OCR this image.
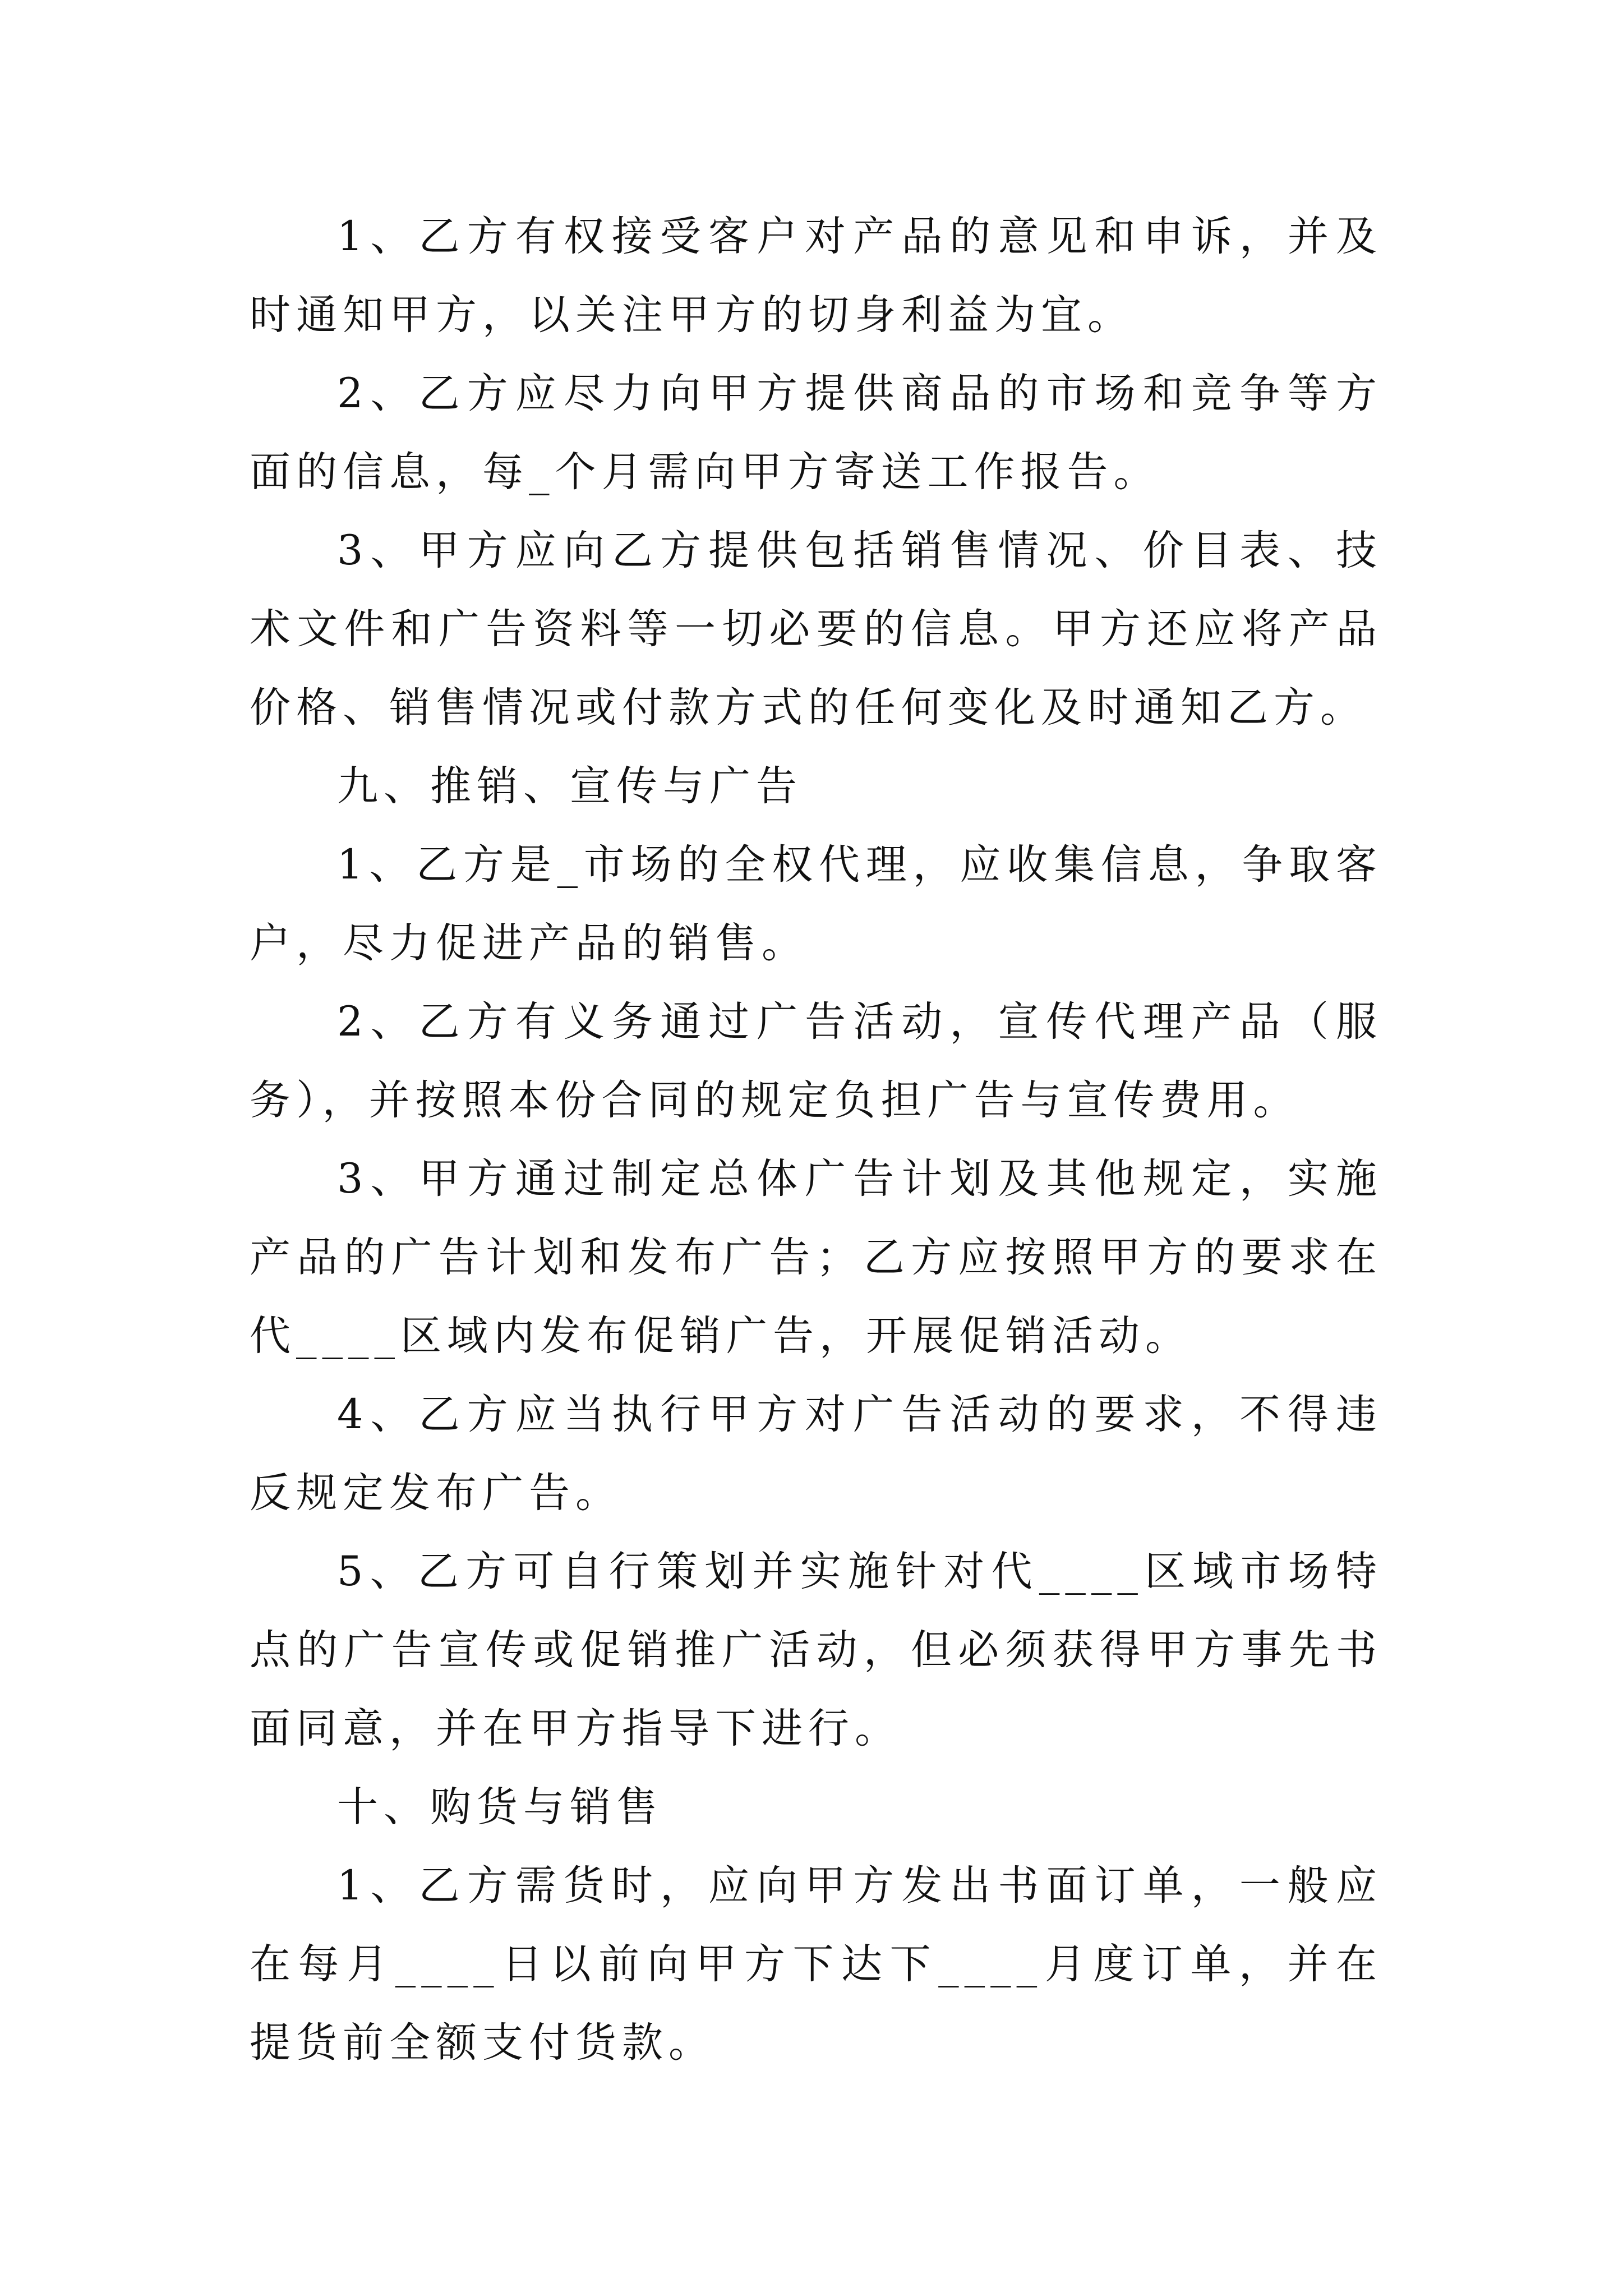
1、乙方有权接受客户对产品的意见和申诉，并及时通知甲方，以关注甲方的切身利益为宜。

2、乙方应尽力向甲方提供商品的市场和竞争等方面的信息，每_个月需向甲方寄送工作报告。

3、甲方应向乙方提供包括销售情况、价目表、技术文件和广告资料等一切必要的信息。甲方还应将产品价格、销售情况或付款方式的任何变化及时通知乙方。

九、推销、宣传与广告

1、乙方是_市场的全权代理，应收集信息，争取客户，尽力促进产品的销售。

2、乙方有义务通过广告活动，宣传代理产品（服务），并按照本份合同的规定负担广告与宣传费用。

3、甲方通过制定总体广告计划及其他规定，实施产品的广告计划和发布广告；乙方应按照甲方的要求在代____区域内发布促销广告，开展促销活动。

4、乙方应当执行甲方对广告活动的要求，不得违反规定发布广告。

5、乙方可自行策划并实施针对代____区域市场特点的广告宣传或促销推广活动，但必须获得甲方事先书面同意，并在甲方指导下进行。

十、购货与销售

1、乙方需货时，应向甲方发出书面订单，一般应在每月____日以前向甲方下达下____月度订单，并在提货前全额支付货款。
